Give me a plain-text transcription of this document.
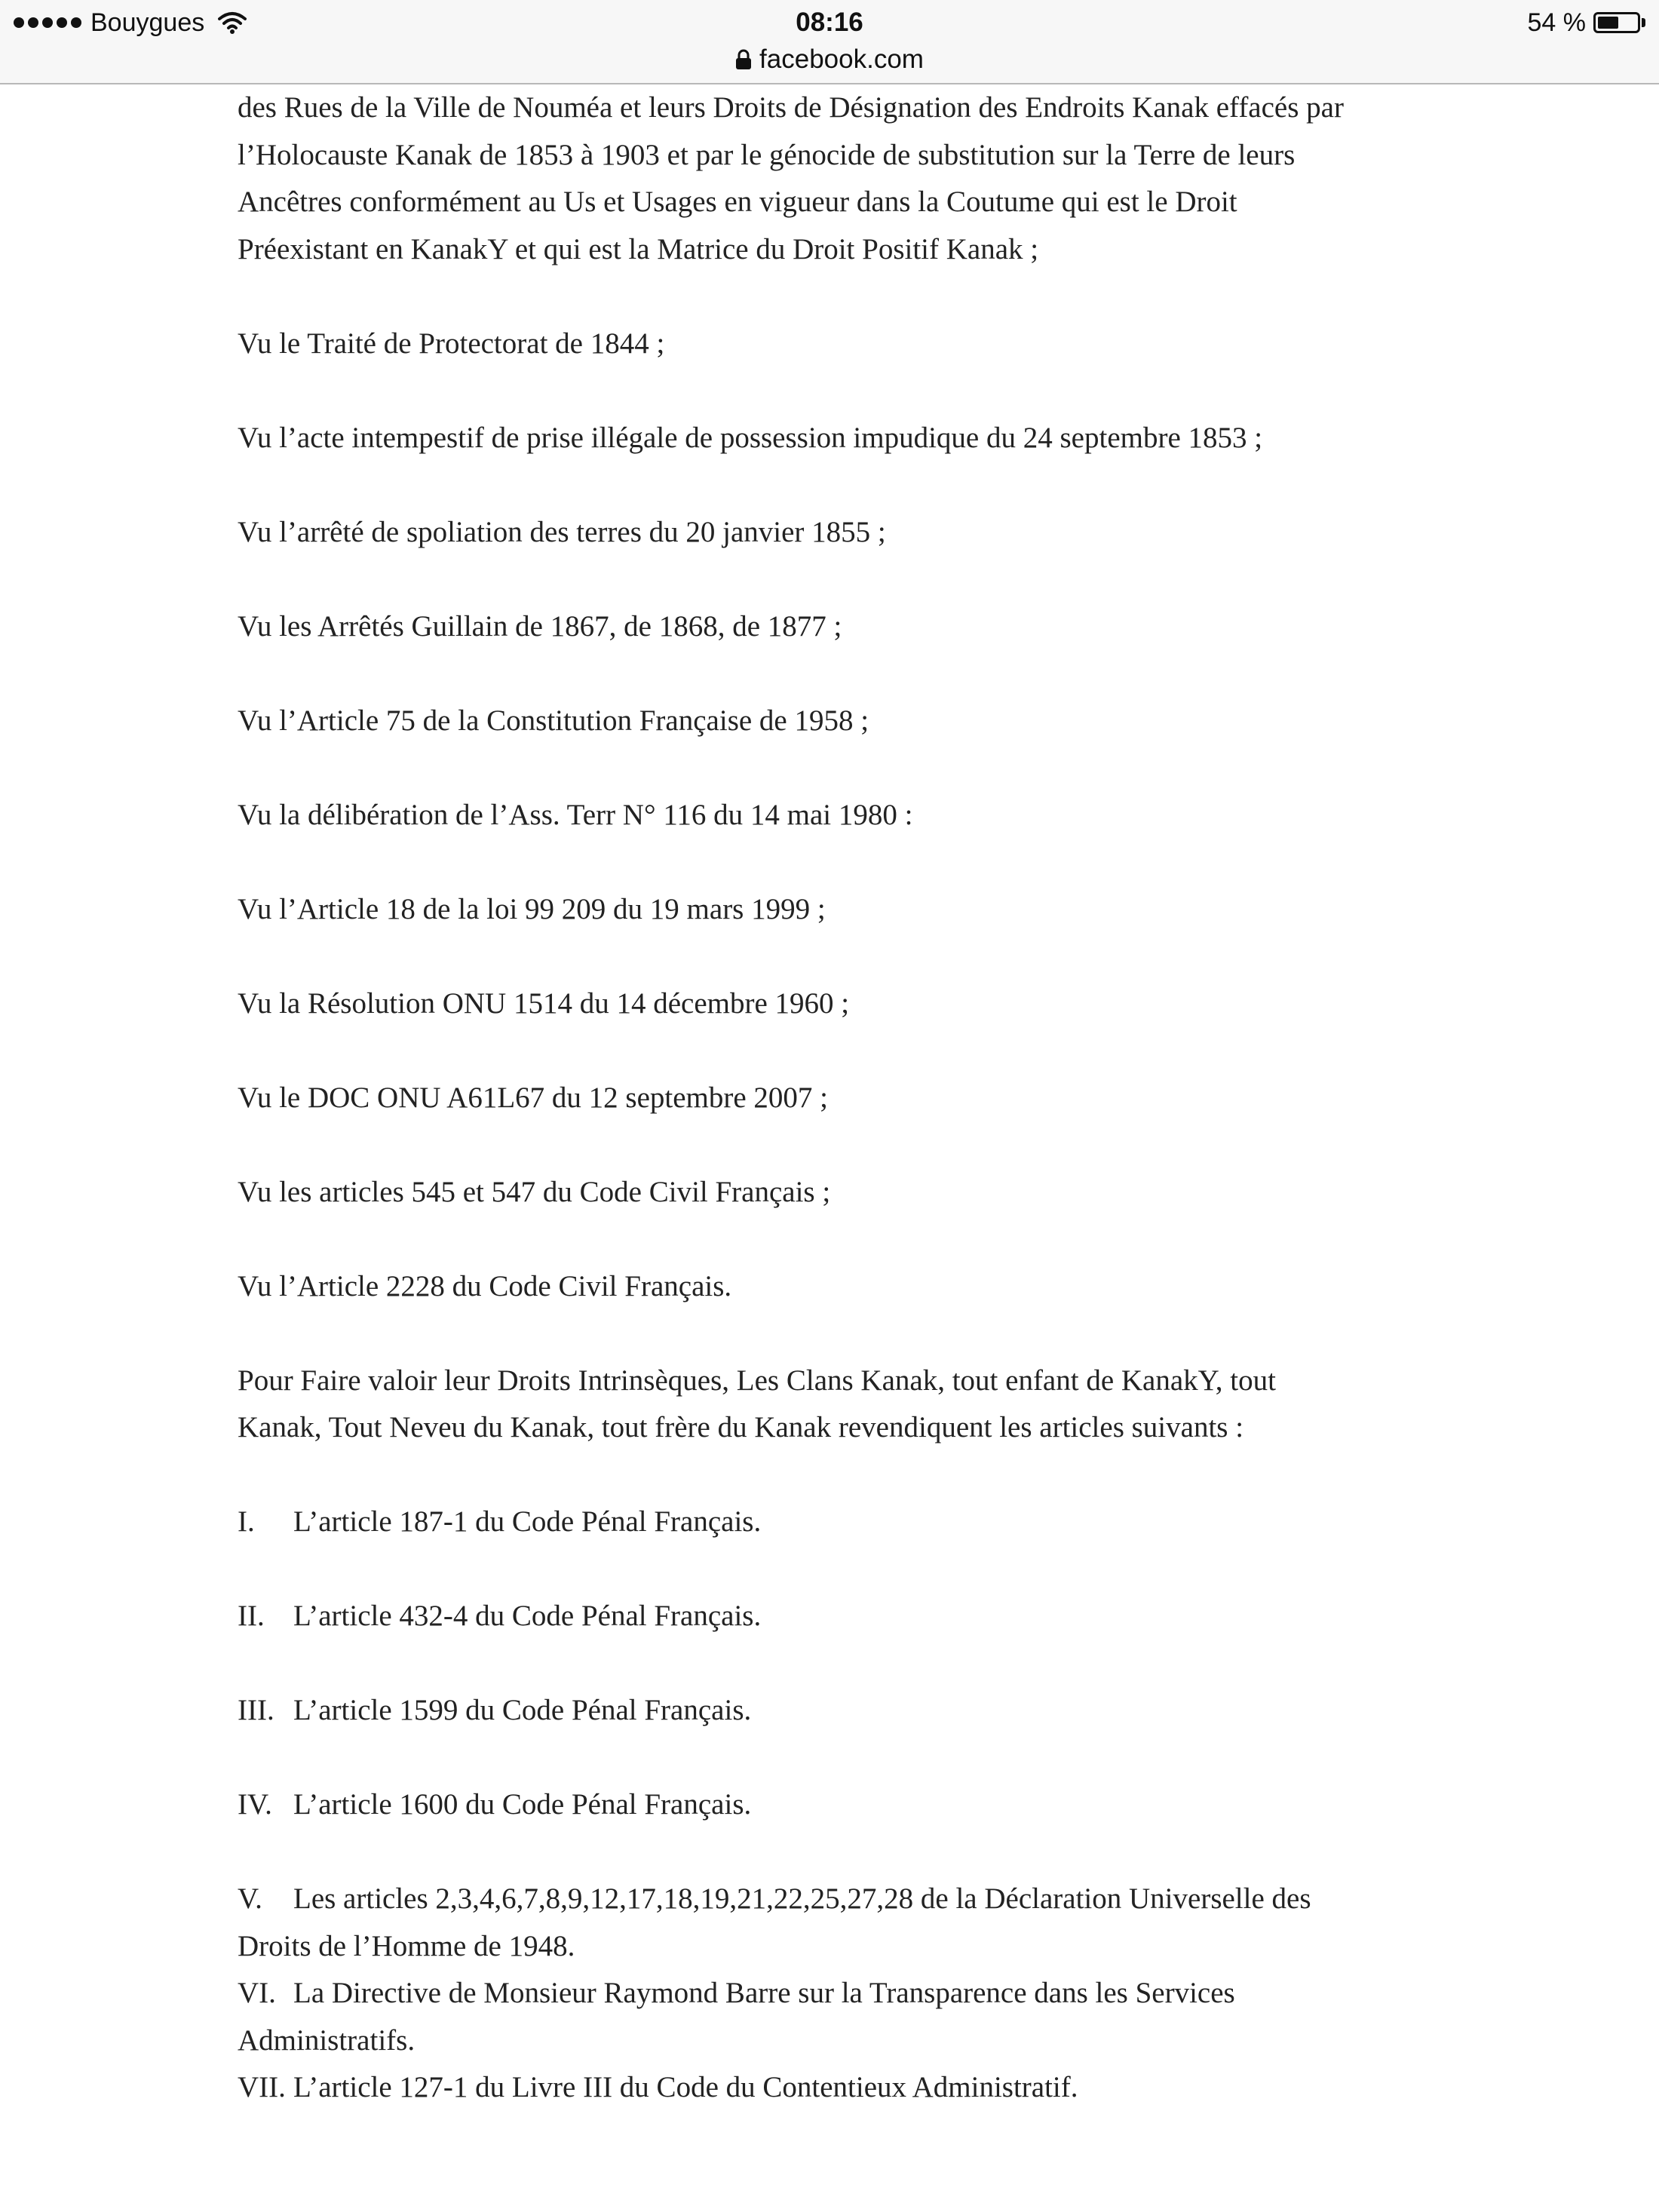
Bouygues	08:16	54 %
facebook.com

des Rues de la Ville de Nouméa et leurs Droits de Désignation des Endroits Kanak effacés par

l’Holocauste Kanak de 1853 à 1903 et par le génocide de substitution sur la Terre de leurs

Ancêtres conformément au Us et Usages en vigueur dans la Coutume qui est le Droit

Préexistant en KanakY et qui est la Matrice du Droit Positif Kanak ;

Vu le Traité de Protectorat de 1844 ;

Vu l’acte intempestif de prise illégale de possession impudique du 24 septembre 1853 ;

Vu l’arrêté de spoliation des terres du 20 janvier 1855 ;

Vu les Arrêtés Guillain de 1867, de 1868, de 1877 ;

Vu l’Article 75 de la Constitution Française de 1958 ;

Vu la délibération de l’Ass. Terr N° 116 du 14 mai 1980 :

Vu l’Article 18 de la loi 99 209 du 19 mars 1999 ;

Vu la Résolution ONU 1514 du 14 décembre 1960 ;

Vu le DOC ONU A61L67 du 12 septembre 2007 ;

Vu les articles 545 et 547 du Code Civil Français ;

Vu l’Article 2228 du Code Civil Français.

Pour Faire valoir leur Droits Intrinsèques, Les Clans Kanak, tout enfant de KanakY, tout

Kanak, Tout Neveu du Kanak, tout frère du Kanak revendiquent les articles suivants :

I.	L’article 187-1 du Code Pénal Français.

II. L’article 432-4 du Code Pénal Français.

III. L’article 1599 du Code Pénal Français.

IV. L’article 1600 du Code Pénal Français.

V. Les articles 2,3,4,6,7,8,9,12,17,18,19,21,22,25,27,28 de la Déclaration Universelle des

Droits de l’Homme de 1948.

VI. La Directive de Monsieur Raymond Barre sur la Transparence dans les Services

Administratifs.

VII. L’article 127-1 du Livre III du Code du Contentieux Administratif.
